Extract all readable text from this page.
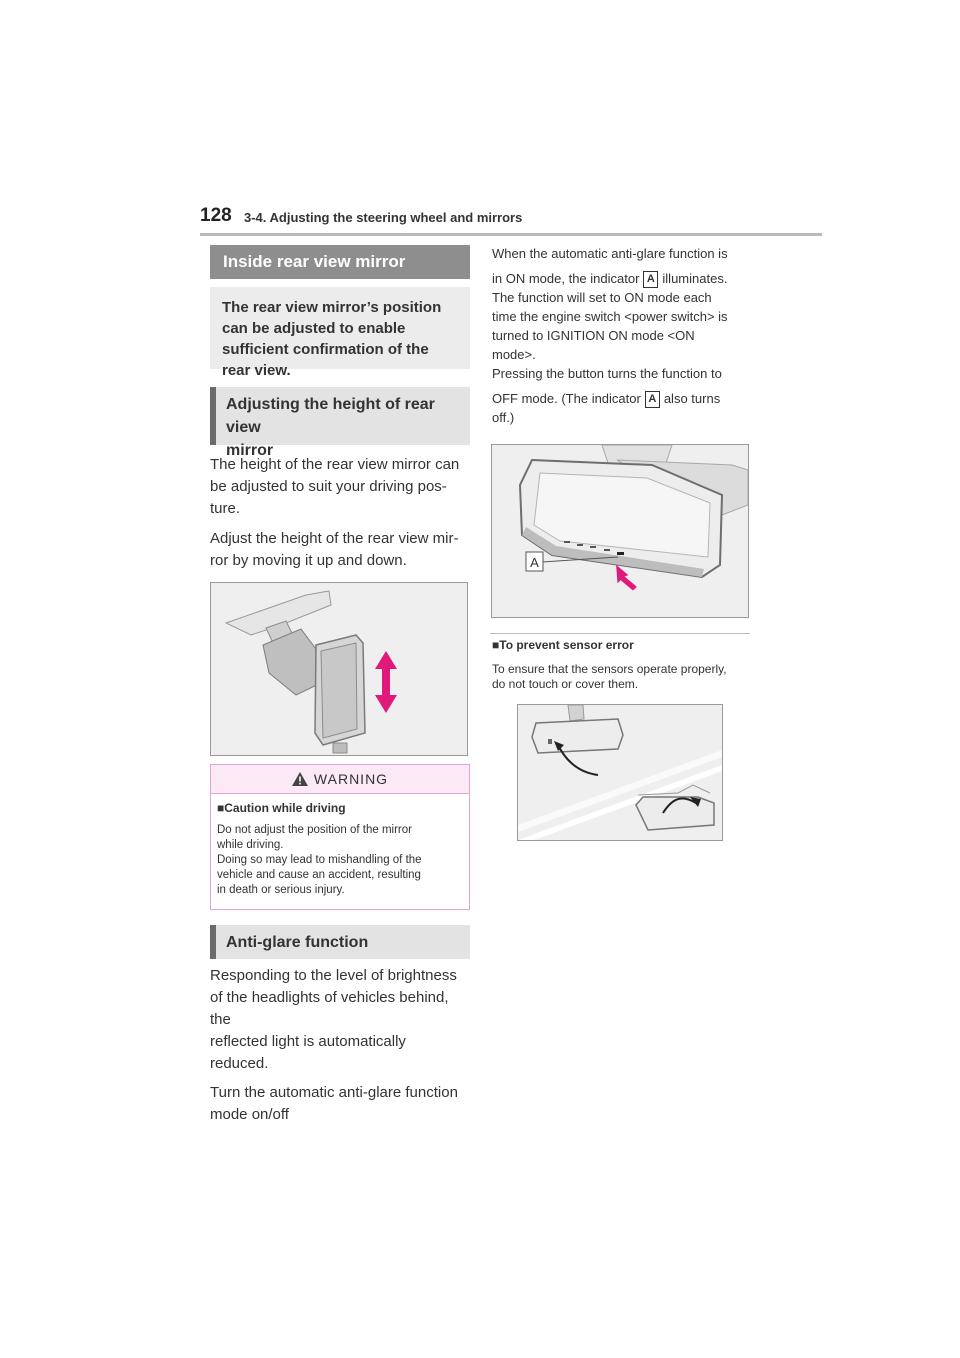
128 3-4. Adjusting the steering wheel and mirrors
Inside rear view mirror
The rear view mirror’s position can be adjusted to enable sufficient confirmation of the rear view.
Adjusting the height of rear view
mirror
The height of the rear view mirror can
be adjusted to suit your driving pos-
ture.
Adjust the height of the rear view mir-
ror by moving it up and down.
WARNING
■Caution while driving
Do not adjust the position of the mirror
while driving.
Doing so may lead to mishandling of the
vehicle and cause an accident, resulting
in death or serious injury.
Anti-glare function
Responding to the level of brightness
of the headlights of vehicles behind, the
reflected light is automatically
reduced.
Turn the automatic anti-glare function
mode on/off
When the automatic anti-glare function is
in ON mode, the indicator A illuminates.
The function will set to ON mode each
time the engine switch <power switch> is
turned to IGNITION ON mode <ON
mode>.
Pressing the button turns the function to
OFF mode. (The indicator A also turns
off.)
A
■To prevent sensor error
To ensure that the sensors operate properly,
do not touch or cover them.
